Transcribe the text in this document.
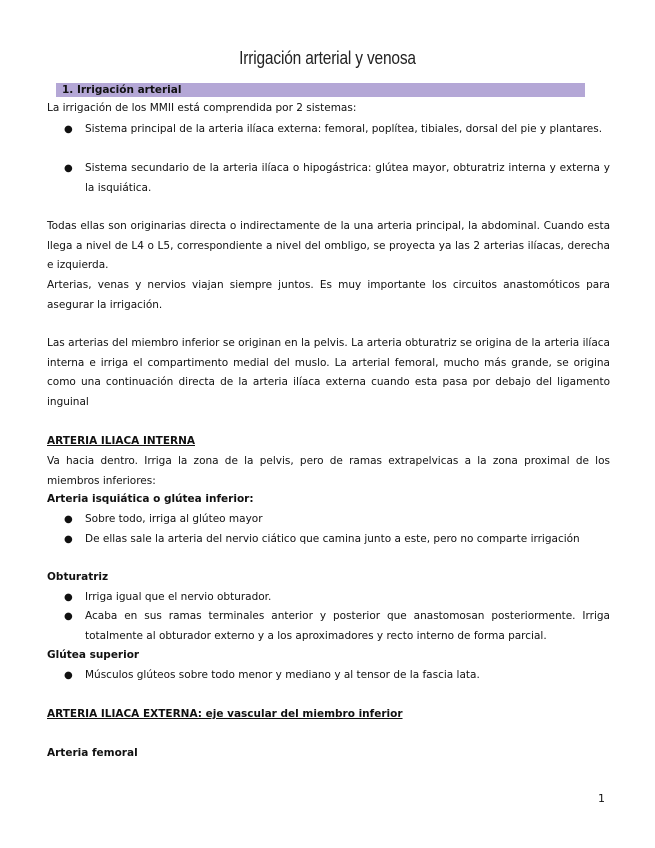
Irrigación arterial y venosa
1. Irrigación arterial
La irrigación de los MMII está comprendida por 2 sistemas:
● Sistema principal de la arteria ilíaca externa: femoral, poplítea, tibiales, dorsal del pie y plantares.
● Sistema secundario de la arteria ilíaca o hipogástrica: glútea mayor, obturatriz interna y externa y la isquiática.
Todas ellas son originarias directa o indirectamente de la una arteria principal, la abdominal. Cuando esta llega a nivel de L4 o L5, correspondiente a nivel del ombligo, se proyecta ya las 2 arterias ilíacas, derecha e izquierda.
Arterias, venas y nervios viajan siempre juntos. Es muy importante los circuitos anastomóticos para asegurar la irrigación.
Las arterias del miembro inferior se originan en la pelvis. La arteria obturatriz se origina de la arteria ilíaca interna e irriga el compartimento medial del muslo. La arterial femoral, mucho más grande, se origina como una continuación directa de la arteria ilíaca externa cuando esta pasa por debajo del ligamento inguinal
ARTERIA ILIACA INTERNA
Va hacia dentro. Irriga la zona de la pelvis, pero de ramas extrapelvicas a la zona proximal de los miembros inferiores:
Arteria isquiática o glútea inferior:
● Sobre todo, irriga al glúteo mayor
● De ellas sale la arteria del nervio ciático que camina junto a este, pero no comparte irrigación
Obturatriz
● Irriga igual que el nervio obturador.
● Acaba en sus ramas terminales anterior y posterior que anastomosan posteriormente. Irriga totalmente al obturador externo y a los aproximadores y recto interno de forma parcial.
Glútea superior
● Músculos glúteos sobre todo menor y mediano y al tensor de la fascia lata.
ARTERIA ILIACA EXTERNA: eje vascular del miembro inferior
Arteria femoral
1
